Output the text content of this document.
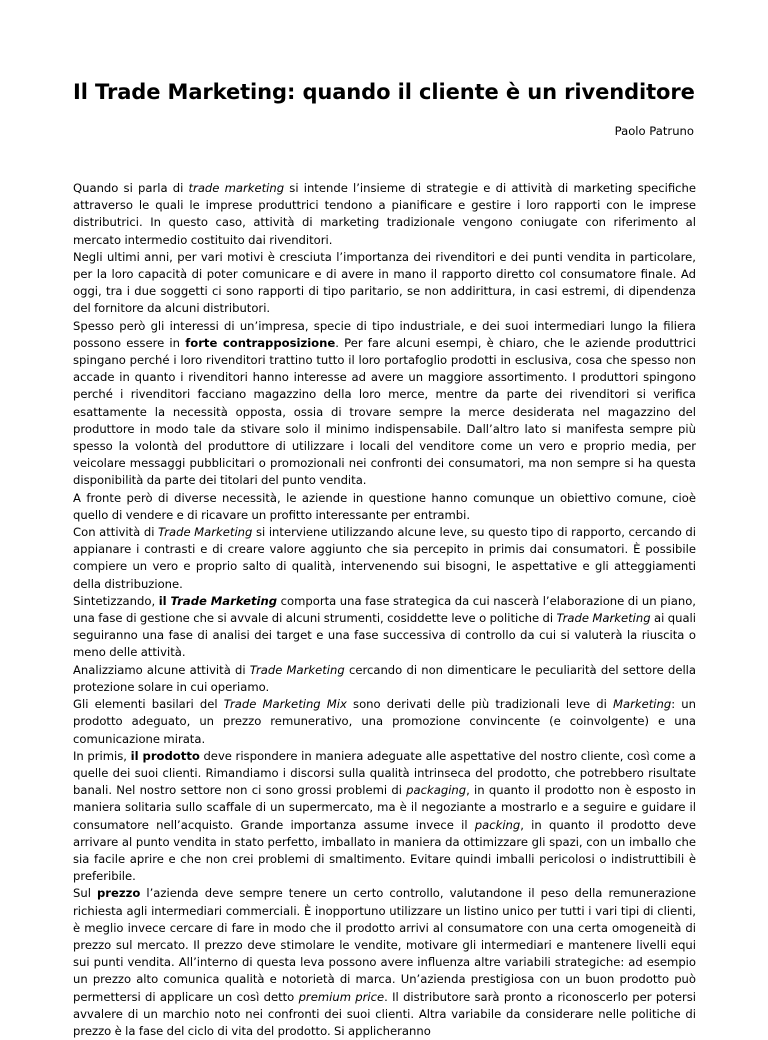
Il Trade Marketing: quando il cliente è un rivenditore
Paolo Patruno

Quando si parla di trade marketing si intende l’insieme di strategie e di attività di marketing specifiche attraverso le quali le imprese produttrici tendono a pianificare e gestire i loro rapporti con le imprese distributrici. In questo caso, attività di marketing tradizionale vengono coniugate con riferimento al mercato intermedio costituito dai rivenditori.

Negli ultimi anni, per vari motivi è cresciuta l’importanza dei rivenditori e dei punti vendita in particolare, per la loro capacità di poter comunicare e di avere in mano il rapporto diretto col consumatore finale. Ad oggi, tra i due soggetti ci sono rapporti di tipo paritario, se non addirittura, in casi estremi, di dipendenza del fornitore da alcuni distributori.

Spesso però gli interessi di un’impresa, specie di tipo industriale, e dei suoi intermediari lungo la filiera possono essere in forte contrapposizione. Per fare alcuni esempi, è chiaro, che le aziende produttrici spingano perché i loro rivenditori trattino tutto il loro portafoglio prodotti in esclusiva, cosa che spesso non accade in quanto i rivenditori hanno interesse ad avere un maggiore assortimento. I produttori spingono perché i rivenditori facciano magazzino della loro merce, mentre da parte dei rivenditori si verifica esattamente la necessità opposta, ossia di trovare sempre la merce desiderata nel magazzino del produttore in modo tale da stivare solo il minimo indispensabile. Dall’altro lato si manifesta sempre più spesso la volontà del produttore di utilizzare i locali del venditore come un vero e proprio media, per veicolare messaggi pubblicitari o promozionali nei confronti dei consumatori, ma non sempre si ha questa disponibilità da parte dei titolari del punto vendita.

A fronte però di diverse necessità, le aziende in questione hanno comunque un obiettivo comune, cioè quello di vendere e di ricavare un profitto interessante per entrambi.

Con attività di Trade Marketing si interviene utilizzando alcune leve, su questo tipo di rapporto, cercando di appianare i contrasti e di creare valore aggiunto che sia percepito in primis dai consumatori. È possibile compiere un vero e proprio salto di qualità, intervenendo sui bisogni, le aspettative e gli atteggiamenti della distribuzione.

Sintetizzando, il Trade Marketing comporta una fase strategica da cui nascerà l’elaborazione di un piano, una fase di gestione che si avvale di alcuni strumenti, cosiddette leve o politiche di Trade Marketing ai quali seguiranno una fase di analisi dei target e una fase successiva di controllo da cui si valuterà la riuscita o meno delle attività.

Analizziamo alcune attività di Trade Marketing cercando di non dimenticare le peculiarità del settore della protezione solare in cui operiamo.

Gli elementi basilari del Trade Marketing Mix sono derivati delle più tradizionali leve di Marketing: un prodotto adeguato, un prezzo remunerativo, una promozione convincente (e coinvolgente) e una comunicazione mirata.

In primis, il prodotto deve rispondere in maniera adeguate alle aspettative del nostro cliente, così come a quelle dei suoi clienti. Rimandiamo i discorsi sulla qualità intrinseca del prodotto, che potrebbero risultate banali. Nel nostro settore non ci sono grossi problemi di packaging, in quanto il prodotto non è esposto in maniera solitaria sullo scaffale di un supermercato, ma è il negoziante a mostrarlo e a seguire e guidare il consumatore nell’acquisto. Grande importanza assume invece il packing, in quanto il prodotto deve arrivare al punto vendita in stato perfetto, imballato in maniera da ottimizzare gli spazi, con un imballo che sia facile aprire e che non crei problemi di smaltimento. Evitare quindi imballi pericolosi o indistruttibili è preferibile.

Sul prezzo l’azienda deve sempre tenere un certo controllo, valutandone il peso della remunerazione richiesta agli intermediari commerciali. È inopportuno utilizzare un listino unico per tutti i vari tipi di clienti, è meglio invece cercare di fare in modo che il prodotto arrivi al consumatore con una certa omogeneità di prezzo sul mercato. Il prezzo deve stimolare le vendite, motivare gli intermediari e mantenere livelli equi sui punti vendita. All’interno di questa leva possono avere influenza altre variabili strategiche: ad esempio un prezzo alto comunica qualità e notorietà di marca. Un’azienda prestigiosa con un buon prodotto può permettersi di applicare un così detto premium price. Il distributore sarà pronto a riconoscerlo per potersi avvalere di un marchio noto nei confronti dei suoi clienti. Altra variabile da considerare nelle politiche di prezzo è la fase del ciclo di vita del prodotto. Si applicheranno
